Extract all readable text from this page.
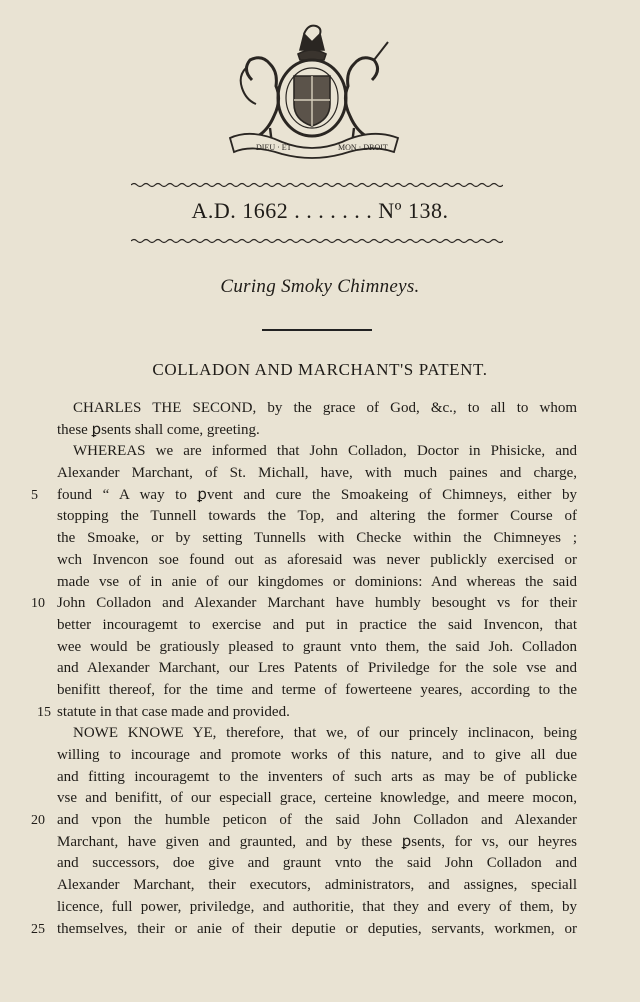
DIEU · ET	MON · DROIT
A.D. 1662 . . . . . . . Nº 138.
Curing Smoky Chimneys.
COLLADON AND MARCHANT'S PATENT.
CHARLES THE SECOND, by the grace of God, &c., to all to whom
these ꝑsents shall come, greeting.
WHEREAS we are informed that John Colladon, Doctor in Phisicke, and
Alexander Marchant, of St. Michall, have, with much paines and charge,
5	found “ A way to ꝑvent and cure the Smoakeing of Chimneys, either by
stopping the Tunnell towards the Top, and altering the former Course of
the Smoake, or by setting Tunnells with Checke within the Chimneyes ;
wch Invencon soe found out as aforesaid was never publickly exercised or
made vse of in anie of our kingdomes or dominions: And whereas the said
10 John Colladon and Alexander Marchant have humbly besought vs for their
better incouragemt to exercise and put in practice the said Invencon, that
wee would be gratiously pleased to graunt vnto them, the said Joh. Colladon
and Alexander Marchant, our Lres Patents of Priviledge for the sole vse and
benifitt thereof, for the time and terme of fowerteene yeares, according to the
15 statute in that case made and provided.
NOWE KNOWE YE, therefore, that we, of our princely inclinacon, being
willing to incourage and promote works of this nature, and to give all due
and fitting incouragemt to the inventers of such arts as may be of publicke
vse and benifitt, of our especiall grace, certeine knowledge, and meere mocon,
20 and vpon the humble peticon of the said John Colladon and Alexander
Marchant, have given and graunted, and by these ꝑsents, for vs, our heyres
and successors, doe give and graunt vnto the said John Colladon and
Alexander Marchant, their executors, administrators, and assignes, speciall
licence, full power, priviledge, and authoritie, that they and every of them, by
25 themselves, their or anie of their deputie or deputies, servants, workmen, or
